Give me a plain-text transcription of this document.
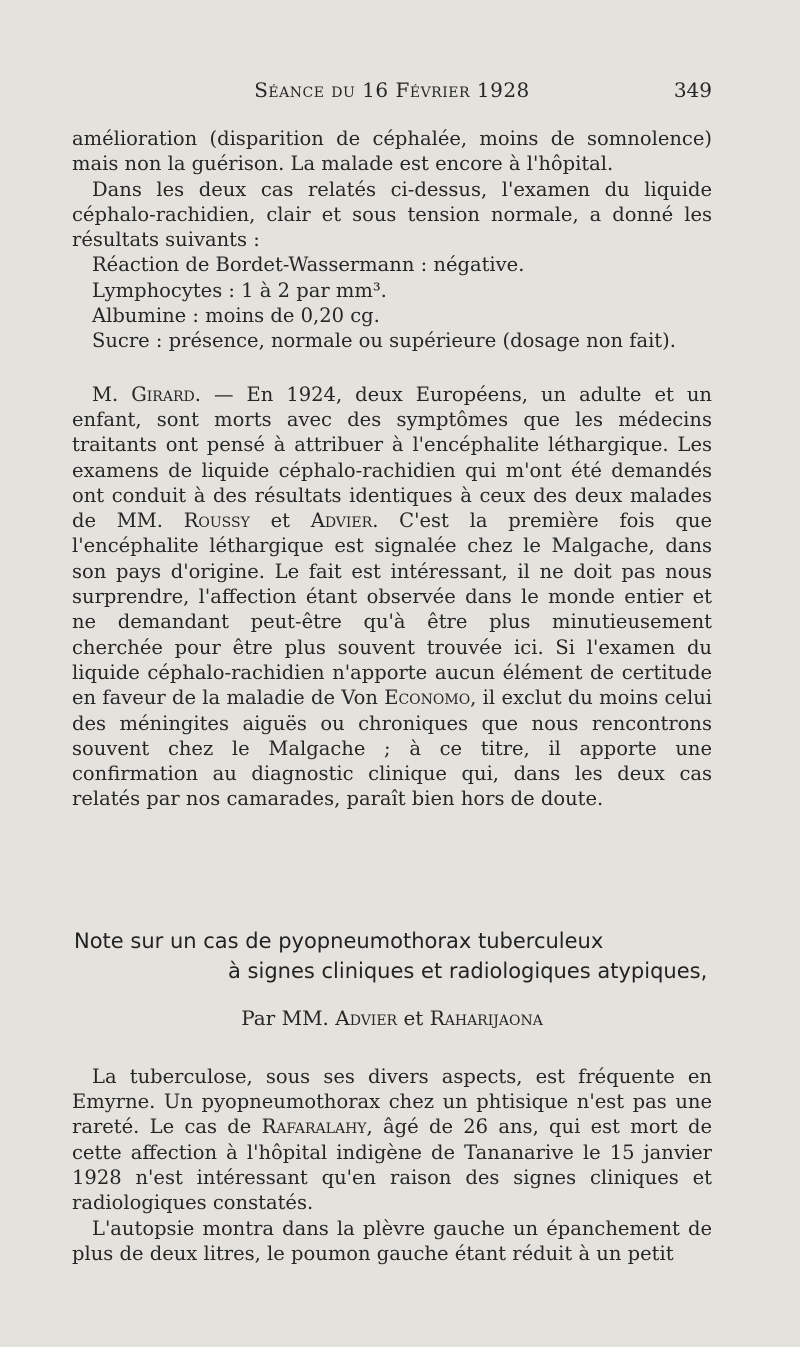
Séance du 16 Février 1928	349

amélioration (disparition de céphalée, moins de somnolence) mais non la guérison. La malade est encore à l'hôpital.

Dans les deux cas relatés ci-dessus, l'examen du liquide céphalo-rachidien, clair et sous tension normale, a donné les résultats suivants :

Réaction de Bordet-Wassermann : négative.
Lymphocytes : 1 à 2 par mm³.
Albumine : moins de 0,20 cg.
Sucre : présence, normale ou supérieure (dosage non fait).

M. Girard. — En 1924, deux Européens, un adulte et un enfant, sont morts avec des symptômes que les médecins traitants ont pensé à attribuer à l'encéphalite léthargique. Les examens de liquide céphalo-rachidien qui m'ont été demandés ont conduit à des résultats identiques à ceux des deux malades de MM. Roussy et Advier. C'est la première fois que l'encéphalite léthargique est signalée chez le Malgache, dans son pays d'origine. Le fait est intéressant, il ne doit pas nous surprendre, l'affection étant observée dans le monde entier et ne demandant peut-être qu'à être plus minutieusement cherchée pour être plus souvent trouvée ici. Si l'examen du liquide céphalo-rachidien n'apporte aucun élément de certitude en faveur de la maladie de Von Economo, il exclut du moins celui des méningites aiguës ou chroniques que nous rencontrons souvent chez le Malgache ; à ce titre, il apporte une confirmation au diagnostic clinique qui, dans les deux cas relatés par nos camarades, paraît bien hors de doute.

Note sur un cas de pyopneumothorax tuberculeux
à signes cliniques et radiologiques atypiques,
Par MM. Advier et Raharijaona

La tuberculose, sous ses divers aspects, est fréquente en Emyrne. Un pyopneumothorax chez un phtisique n'est pas une rareté. Le cas de Rafaralahy, âgé de 26 ans, qui est mort de cette affection à l'hôpital indigène de Tananarive le 15 janvier 1928 n'est intéressant qu'en raison des signes cliniques et radiologiques constatés.

L'autopsie montra dans la plèvre gauche un épanchement de plus de deux litres, le poumon gauche étant réduit à un petit
